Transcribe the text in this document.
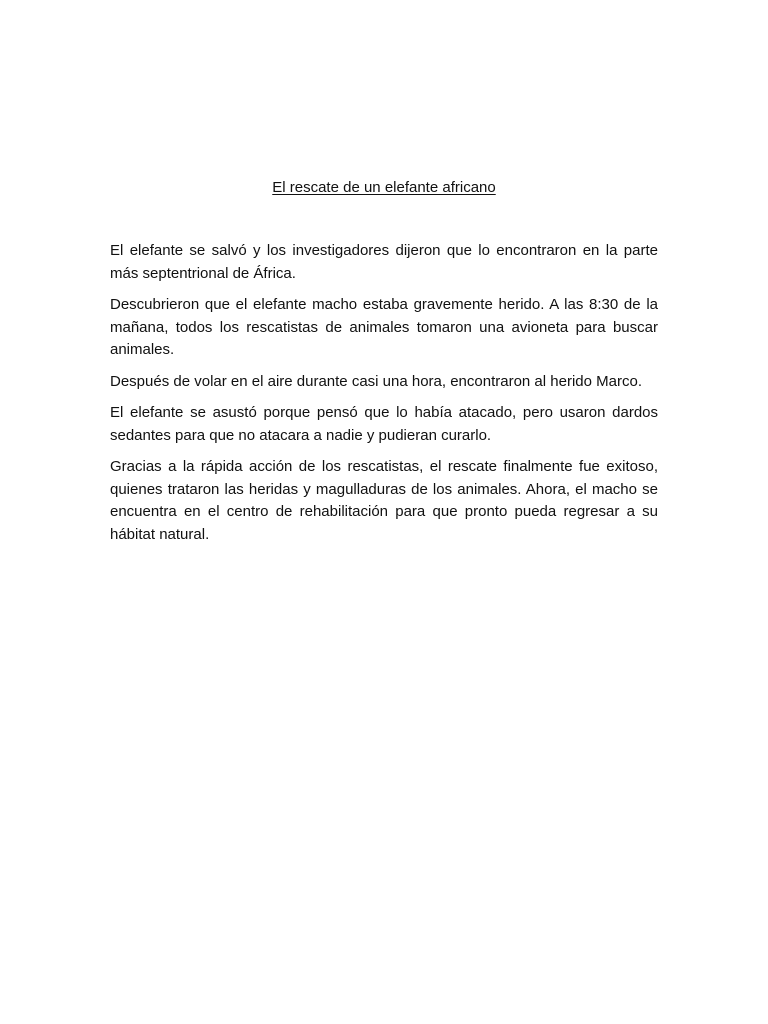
El rescate de un elefante africano

El elefante se salvó y los investigadores dijeron que lo encontraron en la parte más septentrional de África.

Descubrieron que el elefante macho estaba gravemente herido. A las 8:30 de la mañana, todos los rescatistas de animales tomaron una avioneta para buscar animales.

Después de volar en el aire durante casi una hora, encontraron al herido Marco.

El elefante se asustó porque pensó que lo había atacado, pero usaron dardos sedantes para que no atacara a nadie y pudieran curarlo.

Gracias a la rápida acción de los rescatistas, el rescate finalmente fue exitoso, quienes trataron las heridas y magulladuras de los animales. Ahora, el macho se encuentra en el centro de rehabilitación para que pronto pueda regresar a su hábitat natural.
